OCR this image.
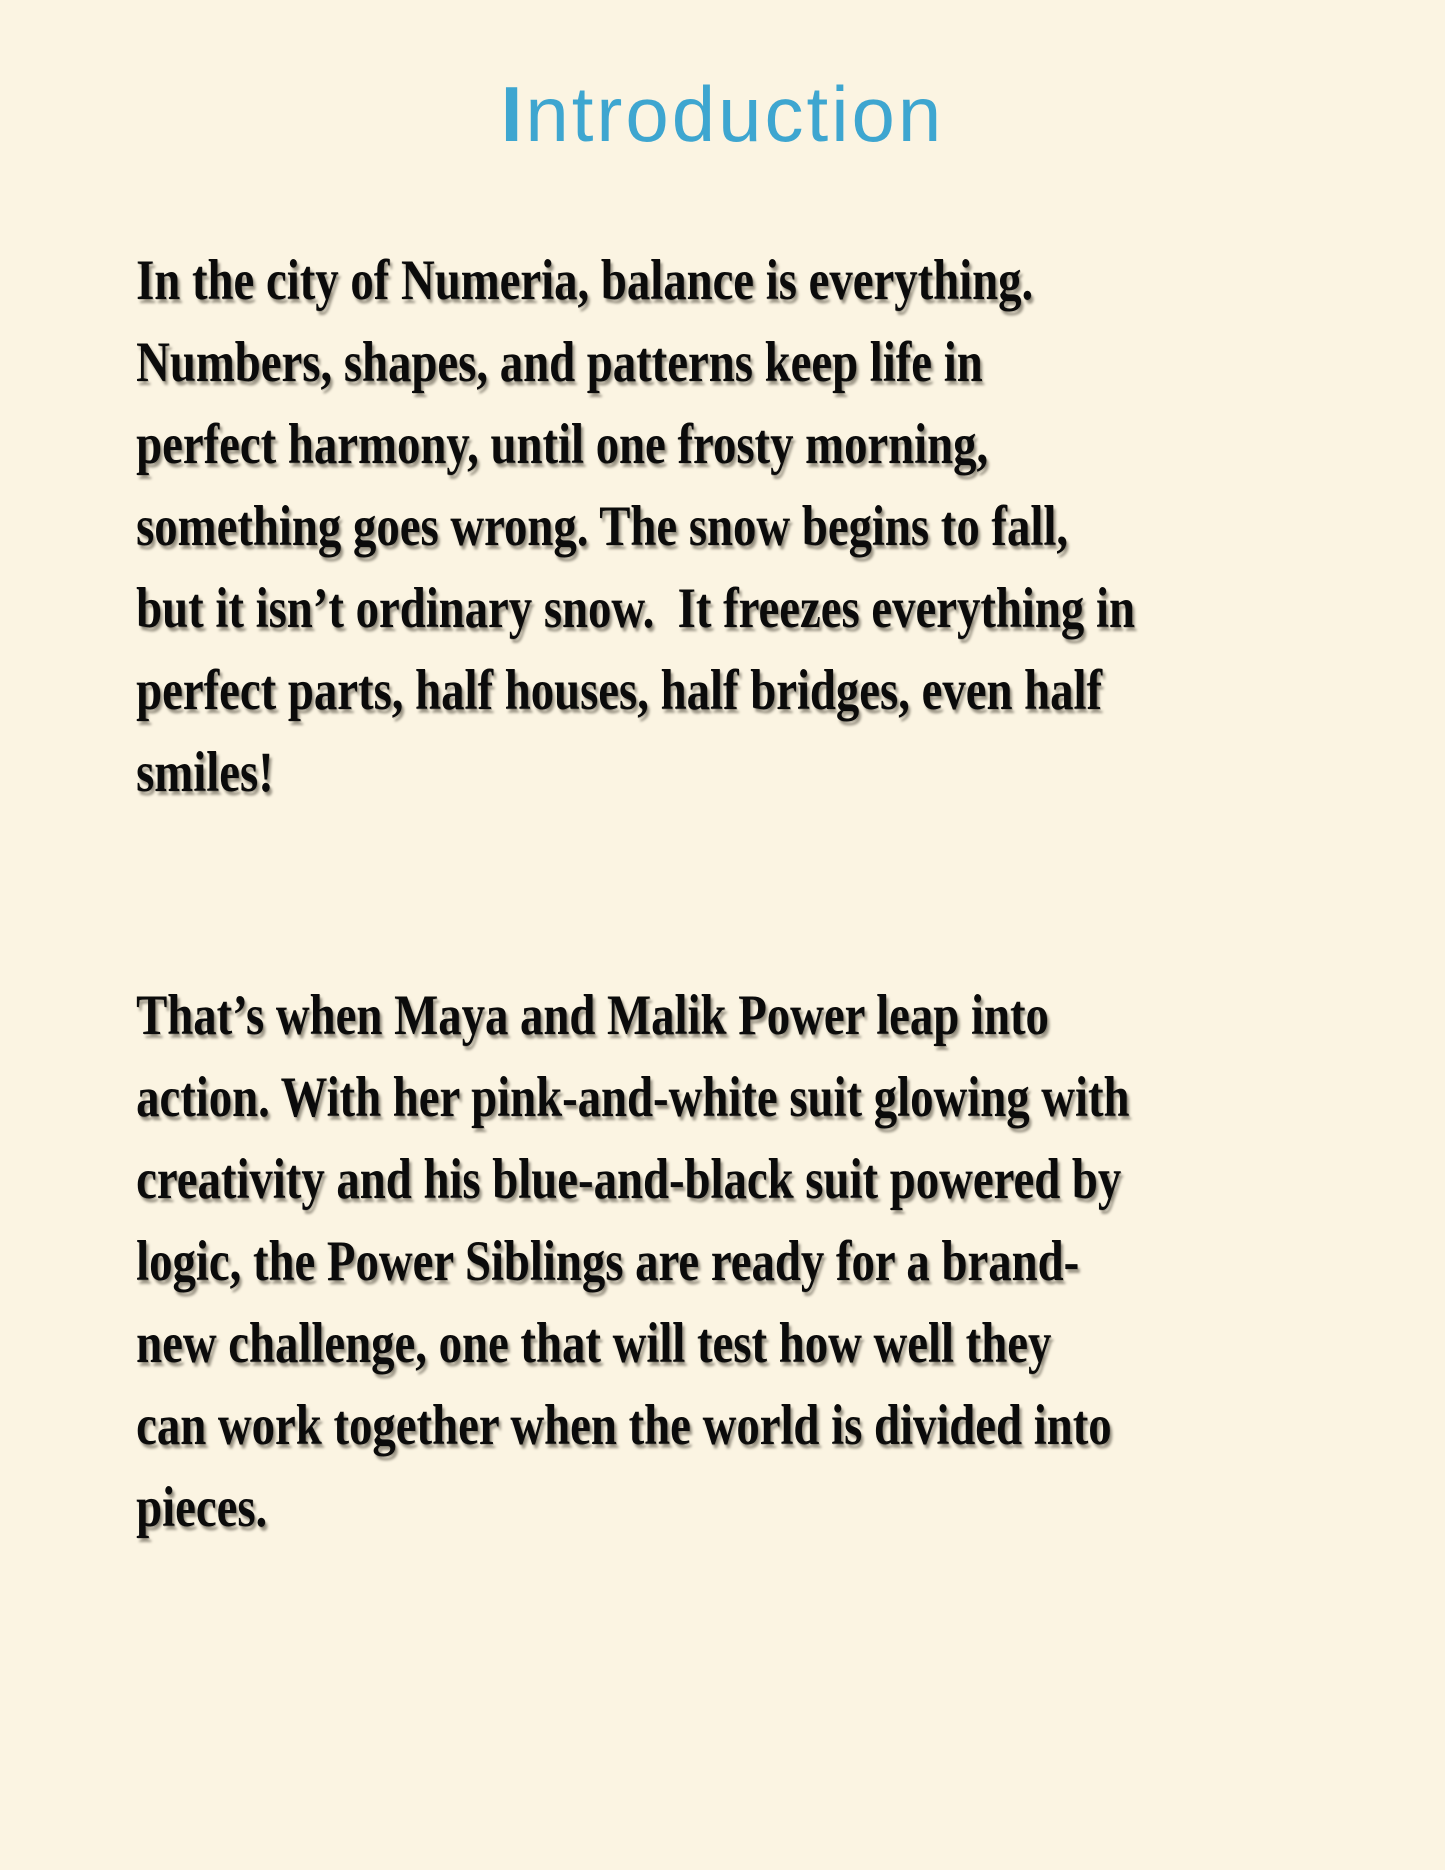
Introduction
In the city of Numeria, balance is everything.
Numbers, shapes, and patterns keep life in
perfect harmony, until one frosty morning,
something goes wrong. The snow begins to fall,
but it isn’t ordinary snow.  It freezes everything in
perfect parts, half houses, half bridges, even half
smiles!
That’s when Maya and Malik Power leap into
action. With her pink-and-white suit glowing with
creativity and his blue-and-black suit powered by
logic, the Power Siblings are ready for a brand-
new challenge, one that will test how well they
can work together when the world is divided into
pieces.
